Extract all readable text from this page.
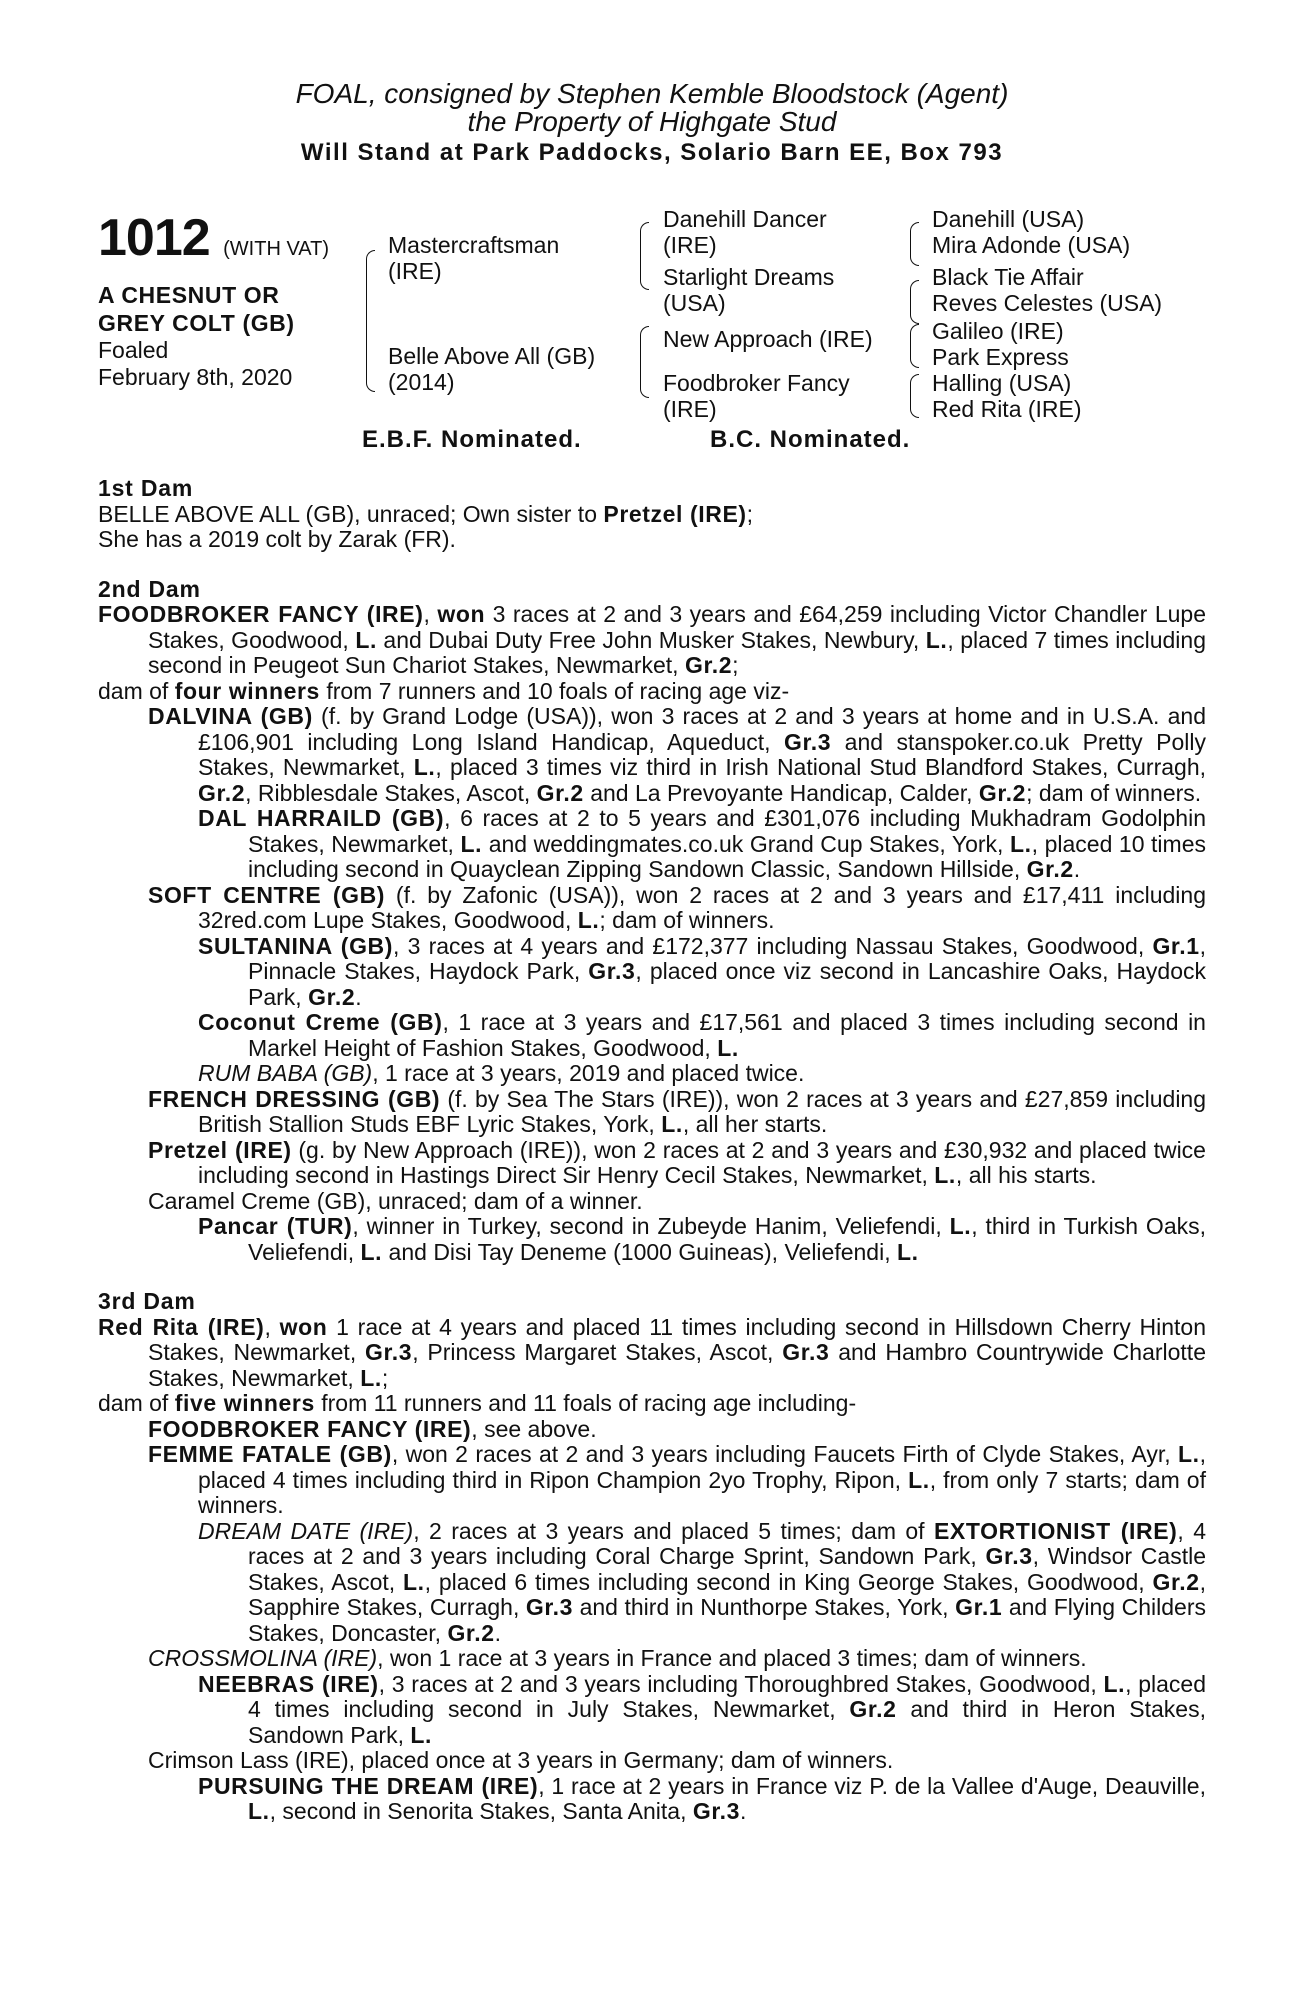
FOAL, consigned by Stephen Kemble Bloodstock (Agent)
the Property of Highgate Stud
Will Stand at Park Paddocks, Solario Barn EE, Box 793
1012 (WITH VAT)
A CHESNUT OR
GREY COLT (GB)
Foaled
February 8th, 2020
Mastercraftsman
(IRE)
Belle Above All (GB)
(2014)
Danehill Dancer
(IRE)
Starlight Dreams
(USA)
New Approach (IRE)
Foodbroker Fancy
(IRE)
Danehill (USA)
Mira Adonde (USA)
Black Tie Affair
Reves Celestes (USA)
Galileo (IRE)
Park Express
Halling (USA)
Red Rita (IRE)
E.B.F. Nominated.	B.C. Nominated.
1st Dam
BELLE ABOVE ALL (GB), unraced; Own sister to Pretzel (IRE);
She has a 2019 colt by Zarak (FR).
2nd Dam
FOODBROKER FANCY (IRE), won 3 races at 2 and 3 years and £64,259 including Victor Chandler Lupe Stakes, Goodwood, L. and Dubai Duty Free John Musker Stakes, Newbury, L., placed 7 times including second in Peugeot Sun Chariot Stakes, Newmarket, Gr.2;
dam of four winners from 7 runners and 10 foals of racing age viz-
DALVINA (GB) (f. by Grand Lodge (USA)), won 3 races at 2 and 3 years at home and in U.S.A. and £106,901 including Long Island Handicap, Aqueduct, Gr.3 and stanspoker.co.uk Pretty Polly Stakes, Newmarket, L., placed 3 times viz third in Irish National Stud Blandford Stakes, Curragh, Gr.2, Ribblesdale Stakes, Ascot, Gr.2 and La Prevoyante Handicap, Calder, Gr.2; dam of winners.
DAL HARRAILD (GB), 6 races at 2 to 5 years and £301,076 including Mukhadram Godolphin Stakes, Newmarket, L. and weddingmates.co.uk Grand Cup Stakes, York, L., placed 10 times including second in Quayclean Zipping Sandown Classic, Sandown Hillside, Gr.2.
SOFT CENTRE (GB) (f. by Zafonic (USA)), won 2 races at 2 and 3 years and £17,411 including 32red.com Lupe Stakes, Goodwood, L.; dam of winners.
SULTANINA (GB), 3 races at 4 years and £172,377 including Nassau Stakes, Goodwood, Gr.1, Pinnacle Stakes, Haydock Park, Gr.3, placed once viz second in Lancashire Oaks, Haydock Park, Gr.2.
Coconut Creme (GB), 1 race at 3 years and £17,561 and placed 3 times including second in Markel Height of Fashion Stakes, Goodwood, L.
RUM BABA (GB), 1 race at 3 years, 2019 and placed twice.
FRENCH DRESSING (GB) (f. by Sea The Stars (IRE)), won 2 races at 3 years and £27,859 including British Stallion Studs EBF Lyric Stakes, York, L., all her starts.
Pretzel (IRE) (g. by New Approach (IRE)), won 2 races at 2 and 3 years and £30,932 and placed twice including second in Hastings Direct Sir Henry Cecil Stakes, Newmarket, L., all his starts.
Caramel Creme (GB), unraced; dam of a winner.
Pancar (TUR), winner in Turkey, second in Zubeyde Hanim, Veliefendi, L., third in Turkish Oaks, Veliefendi, L. and Disi Tay Deneme (1000 Guineas), Veliefendi, L.
3rd Dam
Red Rita (IRE), won 1 race at 4 years and placed 11 times including second in Hillsdown Cherry Hinton Stakes, Newmarket, Gr.3, Princess Margaret Stakes, Ascot, Gr.3 and Hambro Countrywide Charlotte Stakes, Newmarket, L.;
dam of five winners from 11 runners and 11 foals of racing age including-
FOODBROKER FANCY (IRE), see above.
FEMME FATALE (GB), won 2 races at 2 and 3 years including Faucets Firth of Clyde Stakes, Ayr, L., placed 4 times including third in Ripon Champion 2yo Trophy, Ripon, L., from only 7 starts; dam of winners.
DREAM DATE (IRE), 2 races at 3 years and placed 5 times; dam of EXTORTIONIST (IRE), 4 races at 2 and 3 years including Coral Charge Sprint, Sandown Park, Gr.3, Windsor Castle Stakes, Ascot, L., placed 6 times including second in King George Stakes, Goodwood, Gr.2, Sapphire Stakes, Curragh, Gr.3 and third in Nunthorpe Stakes, York, Gr.1 and Flying Childers Stakes, Doncaster, Gr.2.
CROSSMOLINA (IRE), won 1 race at 3 years in France and placed 3 times; dam of winners.
NEEBRAS (IRE), 3 races at 2 and 3 years including Thoroughbred Stakes, Goodwood, L., placed 4 times including second in July Stakes, Newmarket, Gr.2 and third in Heron Stakes, Sandown Park, L.
Crimson Lass (IRE), placed once at 3 years in Germany; dam of winners.
PURSUING THE DREAM (IRE), 1 race at 2 years in France viz P. de la Vallee d'Auge, Deauville, L., second in Senorita Stakes, Santa Anita, Gr.3.
